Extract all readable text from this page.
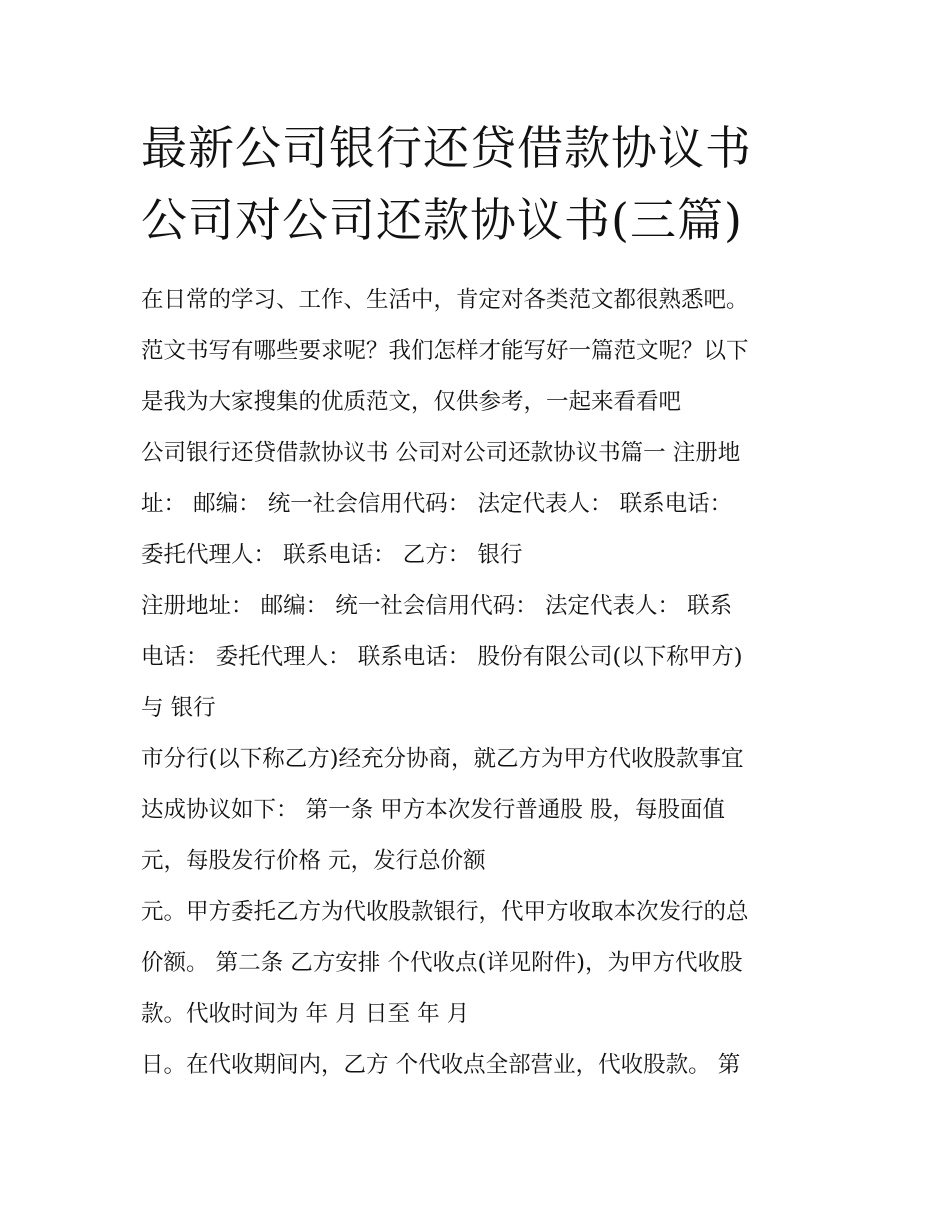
最新公司银行还贷借款协议书
公司对公司还款协议书(三篇)
在日常的学习、工作、生活中，肯定对各类范文都很熟悉吧。
范文书写有哪些要求呢？我们怎样才能写好一篇范文呢？以下
是我为大家搜集的优质范文，仅供参考，一起来看看吧
公司银行还贷借款协议书 公司对公司还款协议书篇一 注册地
址： 邮编： 统一社会信用代码： 法定代表人： 联系电话：
委托代理人： 联系电话： 乙方： 银行
注册地址： 邮编： 统一社会信用代码： 法定代表人： 联系
电话： 委托代理人： 联系电话： 股份有限公司(以下称甲方)
与 银行
市分行(以下称乙方)经充分协商，就乙方为甲方代收股款事宜
达成协议如下： 第一条 甲方本次发行普通股 股，每股面值
元，每股发行价格 元，发行总价额
元。甲方委托乙方为代收股款银行，代甲方收取本次发行的总
价额。 第二条 乙方安排 个代收点(详见附件)，为甲方代收股
款。代收时间为 年 月 日至 年 月
日。在代收期间内，乙方 个代收点全部营业，代收股款。 第
